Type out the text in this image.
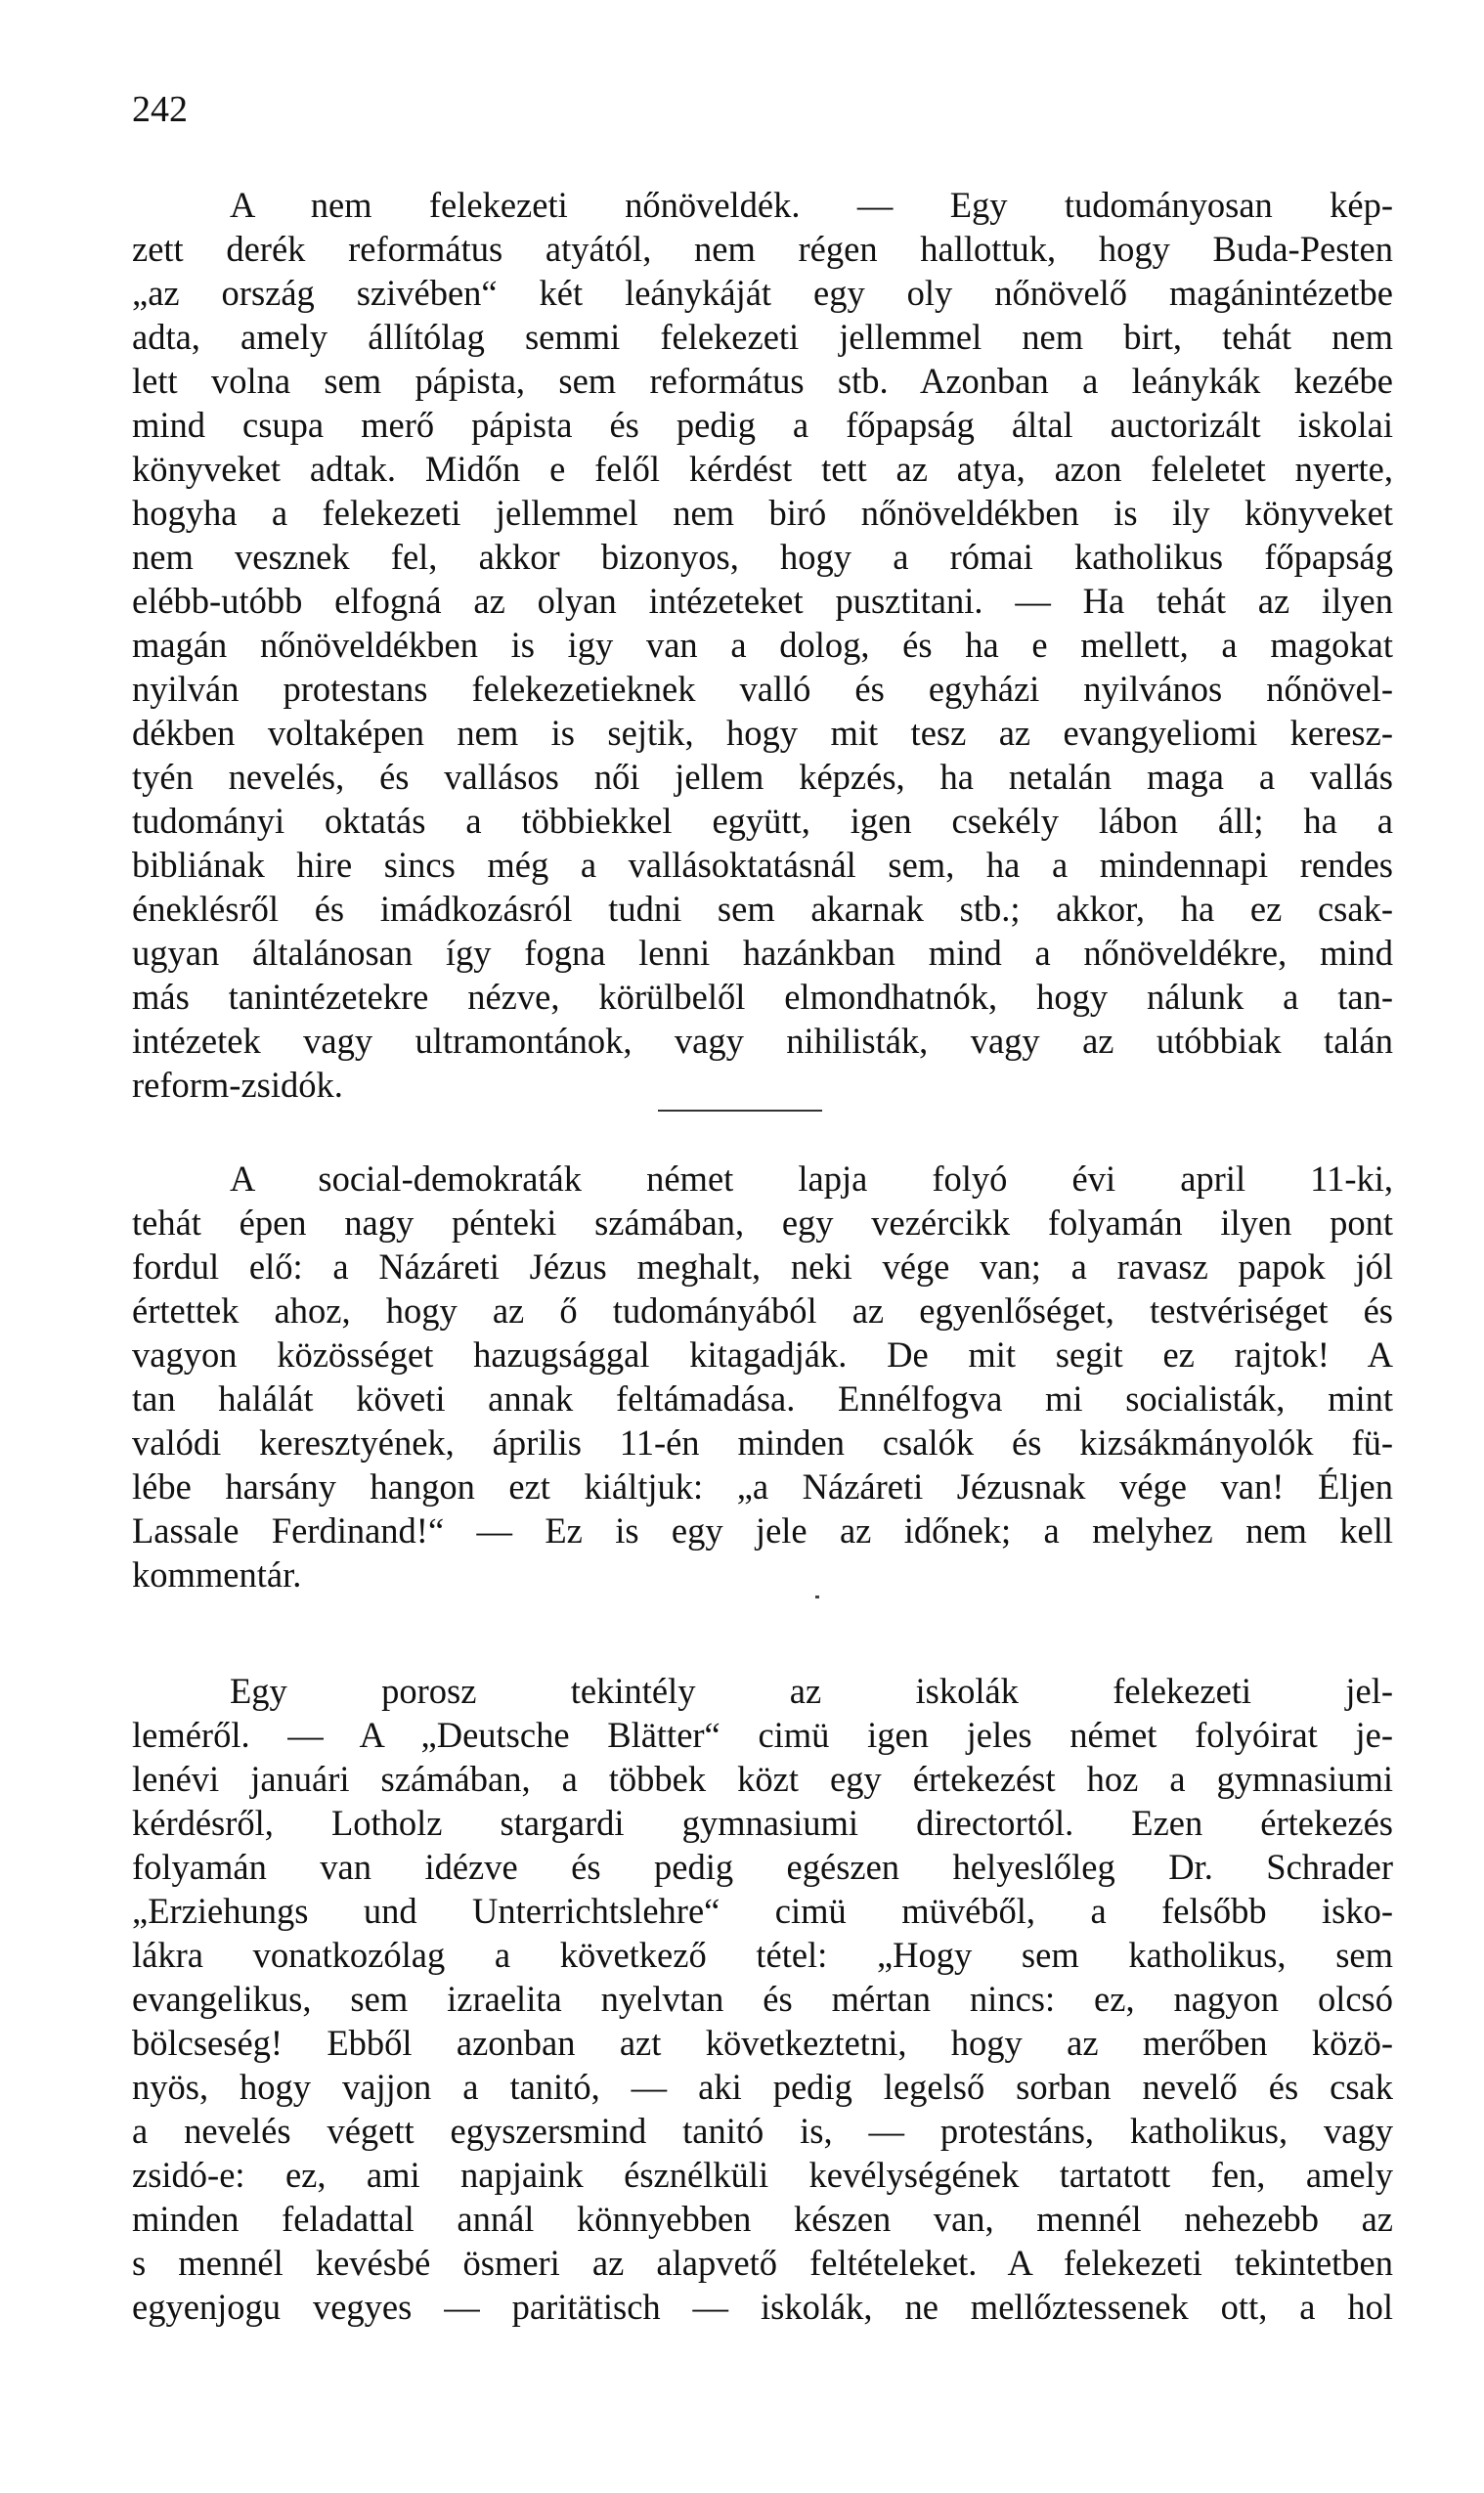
242
A nem felekezeti nőnöveldék. — Egy tudományosan kép-
zett derék református atyától, nem régen hallottuk, hogy Buda-Pesten
„az ország szivében“ két leánykáját egy oly nőnövelő magánintézetbe
adta, amely állítólag semmi felekezeti jellemmel nem birt, tehát nem
lett volna sem pápista, sem református stb. Azonban a leánykák kezébe
mind csupa merő pápista és pedig a főpapság által auctorizált iskolai
könyveket adtak. Midőn e felől kérdést tett az atya, azon feleletet nyerte,
hogyha a felekezeti jellemmel nem biró nőnöveldékben is ily könyveket
nem vesznek fel, akkor bizonyos, hogy a római katholikus főpapság
elébb-utóbb elfogná az olyan intézeteket pusztitani. — Ha tehát az ilyen
magán nőnöveldékben is igy van a dolog, és ha e mellett, a magokat
nyilván protestans felekezetieknek valló és egyházi nyilvános nőnövel-
dékben voltaképen nem is sejtik, hogy mit tesz az evangyeliomi keresz-
tyén nevelés, és vallásos női jellem képzés, ha netalán maga a vallás
tudományi oktatás a többiekkel együtt, igen csekély lábon áll; ha a
bibliának hire sincs még a vallásoktatásnál sem, ha a mindennapi rendes
éneklésről és imádkozásról tudni sem akarnak stb.; akkor, ha ez csak-
ugyan általánosan így fogna lenni hazánkban mind a nőnöveldékre, mind
más tanintézetekre nézve, körülbelől elmondhatnók, hogy nálunk a tan-
intézetek vagy ultramontánok, vagy nihilisták, vagy az utóbbiak talán
reform-zsidók.
A social-demokraták német lapja folyó évi april 11-ki,
tehát épen nagy pénteki számában, egy vezércikk folyamán ilyen pont
fordul elő: a Názáreti Jézus meghalt, neki vége van; a ravasz papok jól
értettek ahoz, hogy az ő tudományából az egyenlőséget, testvériséget és
vagyon közösséget hazugsággal kitagadják. De mit segit ez rajtok! A
tan halálát követi annak feltámadása. Ennélfogva mi socialisták, mint
valódi keresztyének, április 11-én minden csalók és kizsákmányolók fü-
lébe harsány hangon ezt kiáltjuk: „a Názáreti Jézusnak vége van! Éljen
Lassale Ferdinand!“ — Ez is egy jele az időnek; a melyhez nem kell
kommentár.
Egy porosz tekintély az iskolák felekezeti jel-
leméről. — A „Deutsche Blätter“ cimü igen jeles német folyóirat je-
lenévi januári számában, a többek közt egy értekezést hoz a gymnasiumi
kérdésről, Lotholz stargardi gymnasiumi directortól. Ezen értekezés
folyamán van idézve és pedig egészen helyeslőleg Dr. Schrader
„Erziehungs und Unterrichtslehre“ cimü müvéből, a felsőbb isko-
lákra vonatkozólag a következő tétel: „Hogy sem katholikus, sem
evangelikus, sem izraelita nyelvtan és mértan nincs: ez, nagyon olcsó
bölcseség! Ebből azonban azt következtetni, hogy az merőben közö-
nyös, hogy vajjon a tanitó, — aki pedig legelső sorban nevelő és csak
a nevelés végett egyszersmind tanitó is, — protestáns, katholikus, vagy
zsidó-e: ez, ami napjaink észnélküli kevélységének tartatott fen, amely
minden feladattal annál könnyebben készen van, mennél nehezebb az
s mennél kevésbé ösmeri az alapvető feltételeket. A felekezeti tekintetben
egyenjogu vegyes — paritätisch — iskolák, ne mellőztessenek ott, a hol
